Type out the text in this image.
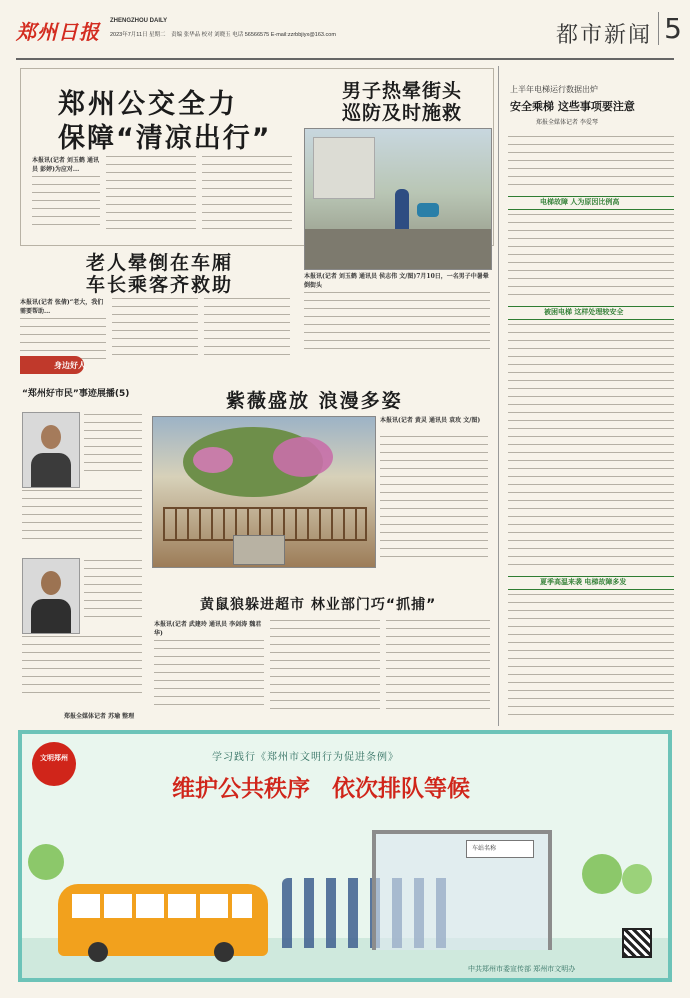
郑州日报 ZHENGZHOU DAILY
2023年7月11日 星期二 责编 张华品 校对 刘晓玉 电话 56566575 E-mail:zzrbbjiyx@163.com	都市新闻 5
郑州公交全力
保障“清凉出行”
本报讯(记者 刘玉鹤 通讯员 彭婷)为应对...
老人晕倒在车厢
车长乘客齐救助
本报讯(记者 张倩)“老大，我们需要帮助...
男子热晕街头
巡防及时施救
本报讯(记者 刘玉鹤 通讯员 侯志伟 文/图)7月10日，一名男子中暑晕倒街头
身边好人
“郑州好市民”事迹展播(5)
郑报全媒体记者 苏瑜 整理
紫薇盛放 浪漫多姿
本报讯(记者 黄灵 通讯员 袁玫 文/图)
黄鼠狼躲进超市 林业部门巧“抓捕”
本报讯(记者 武建玲 通讯员 李剑涛 魏君华)
上半年电梯运行数据出炉
安全乘梯 这些事项要注意
郑报全媒体记者 李爱琴
电梯故障 人为原因比例高
被困电梯 这样处理较安全
夏季高温来袭 电梯故障多发
文明郑州	学习践行《郑州市文明行为促进条例》
维护公共秩序 依次排队等候
车站名称
中共郑州市委宣传部 郑州市文明办
